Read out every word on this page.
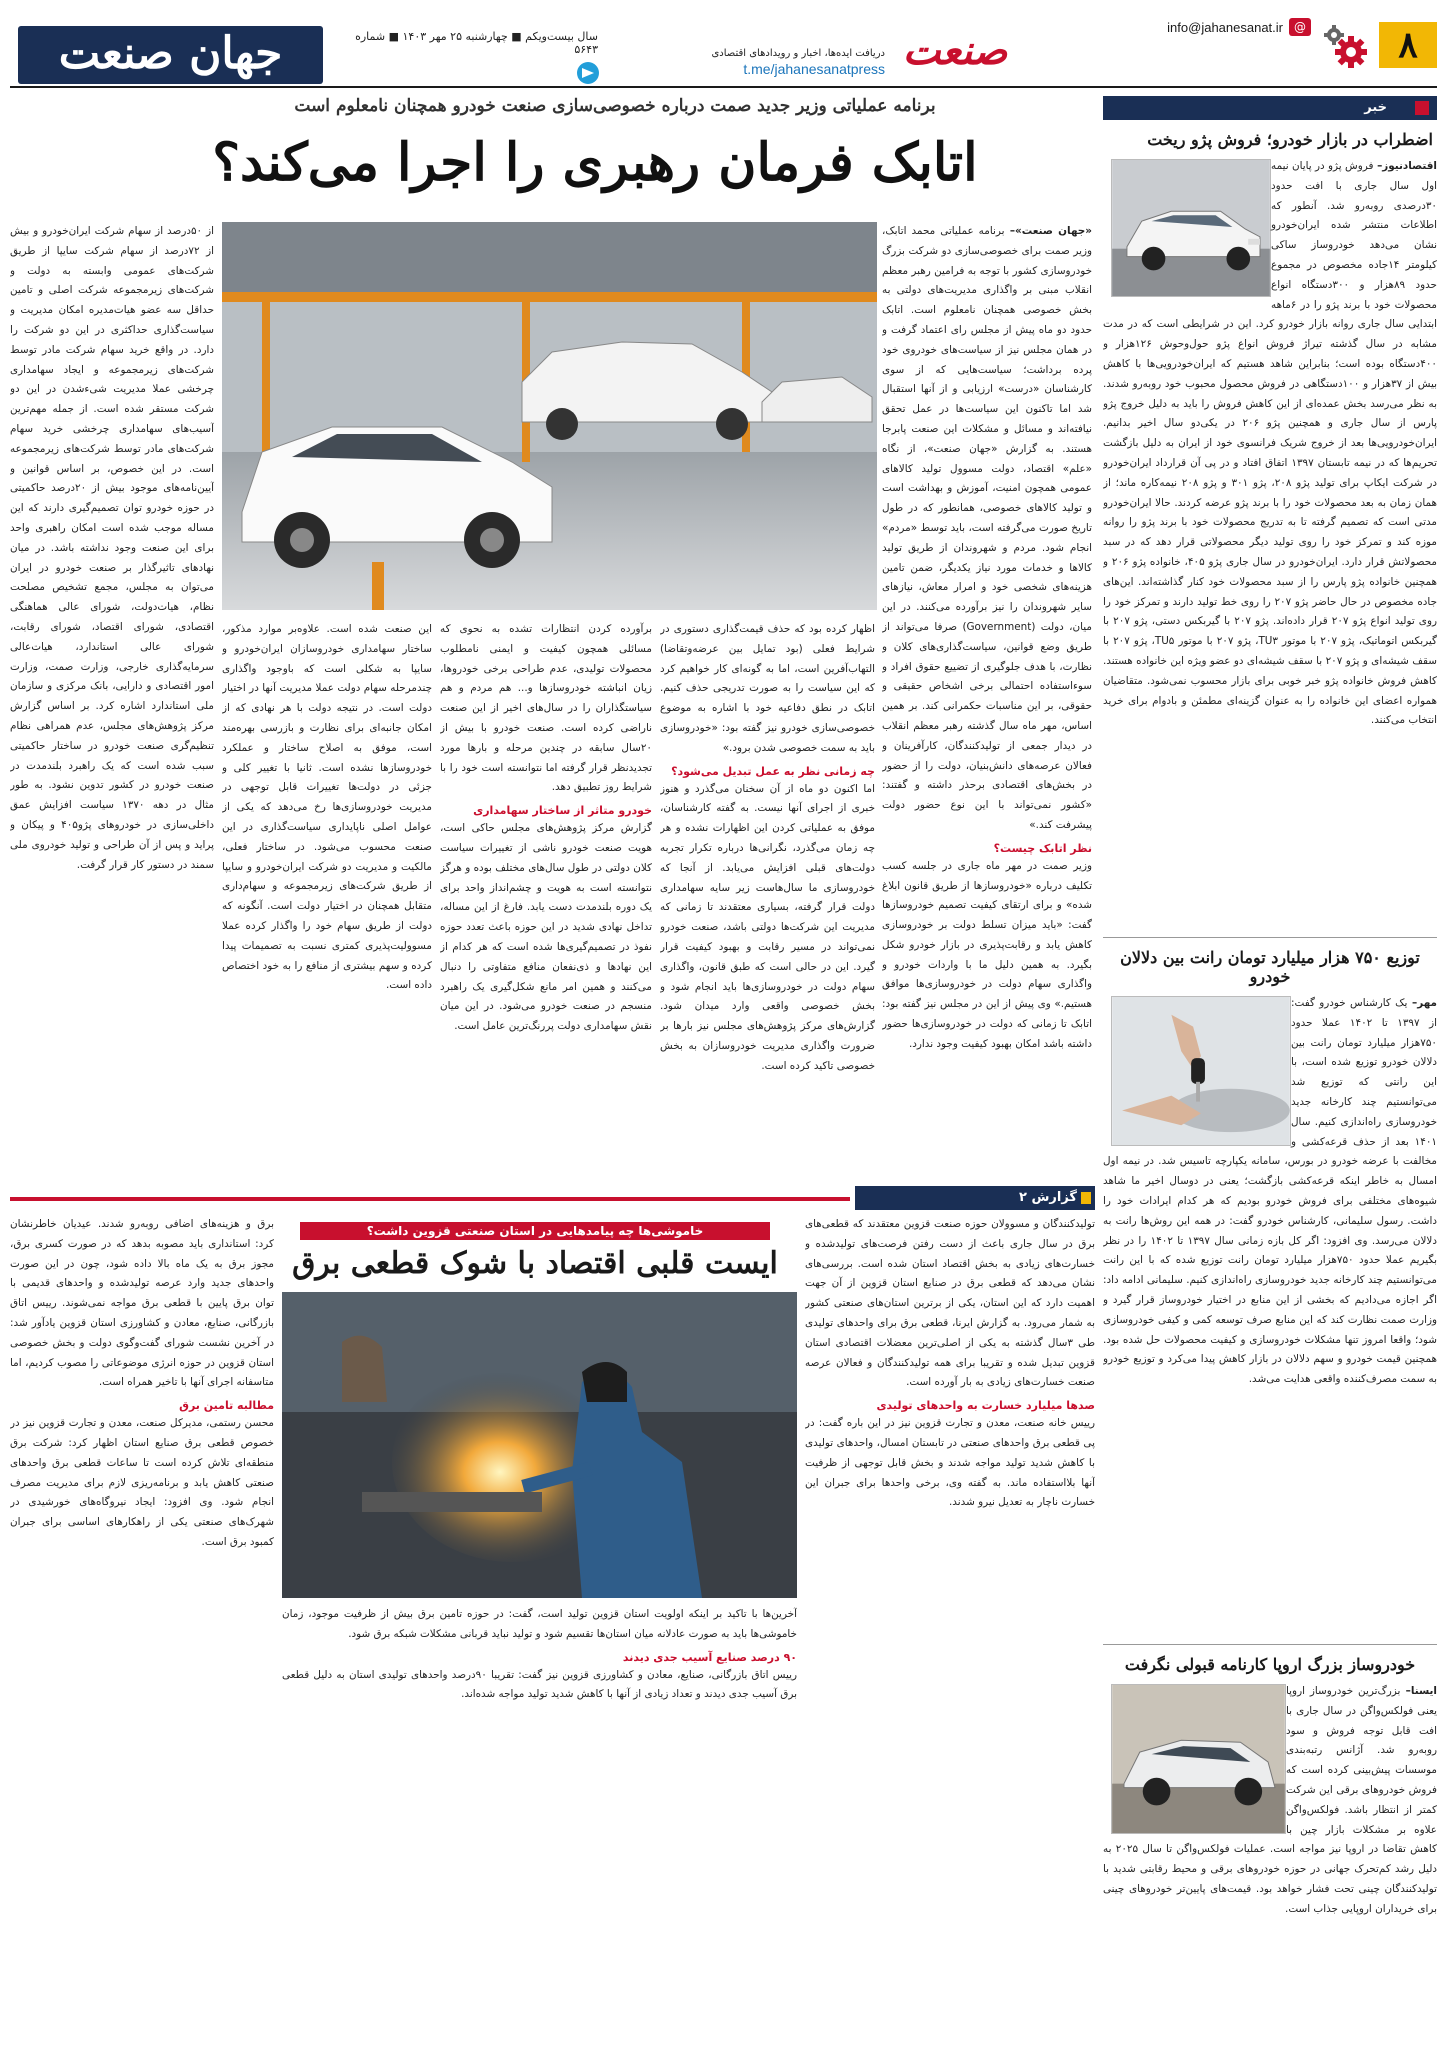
۸
info@jahanesanat.ir
@
صنعت
دریافت ایده‌ها، اخبار و رویدادهای اقتصادی
t.me/jahanesanatpress
سال بیست‌ویکم ■ چهارشنبه ۲۵ مهر ۱۴۰۳ ■ شماره ۵۶۴۳
جهان صنعت
خبر
اضطراب در بازار خودرو؛ فروش پژو ریخت
اقتصادنیوز– فروش پژو در پایان نیمه اول سال جاری با افت حدود ۳۰درصدی روبه‌رو شد. آنطور که اطلاعات منتشر شده ایران‌خودرو نشان می‌دهد خودروساز ساکی کیلومتر ۱۴جاده مخصوص در مجموع حدود ۸۹هزار و ۳۰۰دستگاه انواع محصولات خود با برند پژو را در ۶ماهه ابتدایی سال جاری روانه بازار خودرو کرد. این در شرایطی است که در مدت مشابه در سال گذشته تیراژ فروش انواع پژو حول‌وحوش ۱۲۶هزار و ۴۰۰دستگاه بوده است؛ بنابراین شاهد هستیم که ایران‌خودرویی‌ها با کاهش بیش از ۳۷هزار و ۱۰۰دستگاهی در فروش محصول محبوب خود روبه‌رو شدند. به نظر می‌رسد بخش عمده‌ای از این کاهش فروش را باید به دلیل خروج پژو پارس از سال جاری و همچنین پژو ۲۰۶ در یکی‌دو سال اخیر بدانیم. ایران‌خودرویی‌ها بعد از خروج شریک فرانسوی خود از ایران به دلیل بازگشت تحریم‌ها که در نیمه تابستان ۱۳۹۷ اتفاق افتاد و در پی آن قرارداد ایران‌خودرو در شرکت ایکاپ برای تولید پژو ۲۰۸، پژو ۳۰۱ و پژو ۲۰۸ نیمه‌کاره ماند؛ از همان زمان به بعد محصولات خود را با برند پژو عرضه کردند. حالا ایران‌خودرو مدتی است که تصمیم گرفته تا به تدریج محصولات خود با برند پژو را روانه موزه کند و تمرکز خود را روی تولید دیگر محصولاتی قرار دهد که در سبد محصولاتش قرار دارد. ایران‌خودرو در سال جاری پژو ۴۰۵، خانواده پژو ۲۰۶ و همچنین خانواده پژو پارس را از سبد محصولات خود کنار گذاشته‌اند. این‌های جاده مخصوص در حال حاضر پژو ۲۰۷ را روی خط تولید دارند و تمرکز خود را روی تولید انواع پژو ۲۰۷ قرار داده‌اند. پژو ۲۰۷ با گیربکس دستی، پژو ۲۰۷ با گیربکس اتوماتیک، پژو ۲۰۷ با موتور TU۳، پژو ۲۰۷ با موتور TU۵، پژو ۲۰۷ با سقف شیشه‌ای و پژو ۲۰۷ با سقف شیشه‌ای دو عضو ویژه این خانواده هستند. کاهش فروش خانواده پژو خبر خوبی برای بازار محسوب نمی‌شود. متقاضیان همواره اعضای این خانواده را به عنوان گزینه‌ای مطمئن و بادوام برای خرید انتخاب می‌کنند.
توزیع ۷۵۰ هزار میلیارد تومان رانت بین دلالان خودرو
مهر– یک کارشناس خودرو گفت: از ۱۳۹۷ تا ۱۴۰۲ عملا حدود ۷۵۰هزار میلیارد تومان رانت بین دلالان خودرو توزیع شده است، با این رانتی که توزیع شد می‌توانستیم چند کارخانه جدید خودروسازی راه‌اندازی کنیم. سال ۱۴۰۱ بعد از حذف قرعه‌کشی و مخالفت با عرضه خودرو در بورس، سامانه یکپارچه تاسیس شد. در نیمه اول امسال به خاطر اینکه قرعه‌کشی بازگشت؛ یعنی در دوسال اخیر ما شاهد شیوه‌های مختلفی برای فروش خودرو بودیم که هر کدام ایرادات خود را داشت. رسول سلیمانی، کارشناس خودرو گفت: در همه این روش‌ها رانت به دلالان می‌رسد. وی افزود: اگر کل بازه زمانی سال ۱۳۹۷ تا ۱۴۰۲ را در نظر بگیریم عملا حدود ۷۵۰هزار میلیارد تومان رانت توزیع شده که با این رانت می‌توانستیم چند کارخانه جدید خودروسازی راه‌اندازی کنیم. سلیمانی ادامه داد: اگر اجازه می‌دادیم که بخشی از این منابع در اختیار خودروساز قرار گیرد و وزارت صمت نظارت کند که این منابع صرف توسعه کمی و کیفی خودروسازی شود؛ واقعا امروز تنها مشکلات خودروسازی و کیفیت محصولات حل شده بود. همچنین قیمت خودرو و سهم دلالان در بازار کاهش پیدا می‌کرد و توزیع خودرو به سمت مصرف‌کننده واقعی هدایت می‌شد.
خودروساز بزرگ اروپا کارنامه قبولی نگرفت
ایسنا– بزرگ‌ترین خودروساز اروپا یعنی فولکس‌واگن در سال جاری با افت قابل توجه فروش و سود روبه‌رو شد. آژانس رتبه‌بندی موسسات پیش‌بینی کرده است که فروش خودروهای برقی این شرکت کمتر از انتظار باشد. فولکس‌واگن علاوه بر مشکلات بازار چین با کاهش تقاضا در اروپا نیز مواجه است. عملیات فولکس‌واگن تا سال ۲۰۲۵ به دلیل رشد کم‌تحرک جهانی در حوزه خودروهای برقی و محیط رقابتی شدید با تولیدکنندگان چینی تحت فشار خواهد بود. قیمت‌های پایین‌تر خودروهای چینی برای خریداران اروپایی جذاب است.
برنامه عملیاتی وزیر جدید صمت درباره خصوصی‌سازی صنعت خودرو همچنان نامعلوم است
اتابک فرمان رهبری را اجرا می‌کند؟
«جهان صنعت»– برنامه عملیاتی محمد اتابک، وزیر صمت برای خصوصی‌سازی دو شرکت بزرگ خودروسازی کشور با توجه به فرامین رهبر معظم انقلاب مبنی بر واگذاری مدیریت‌های دولتی به بخش خصوصی همچنان نامعلوم است. اتابک حدود دو ماه پیش از مجلس رای اعتماد گرفت و در همان مجلس نیز از سیاست‌های خودروی خود پرده برداشت؛ سیاست‌هایی که از سوی کارشناسان «درست» ارزیابی و از آنها استقبال شد اما تاکنون این سیاست‌ها در عمل تحقق نیافته‌اند و مسائل و مشکلات این صنعت پابرجا هستند. به گزارش «جهان صنعت»، از نگاه «علم» اقتصاد، دولت مسوول تولید کالاهای عمومی همچون امنیت، آموزش و بهداشت است و تولید کالاهای خصوصی، همانطور که در طول تاریخ صورت می‌گرفته است، باید توسط «مردم» انجام شود. مردم و شهروندان از طریق تولید کالاها و خدمات مورد نیاز یکدیگر، ضمن تامین هزینه‌های شخصی خود و امرار معاش، نیازهای سایر شهروندان را نیز برآورده می‌کنند. در این میان، دولت (Government) صرفا می‌تواند از طریق وضع قوانین، سیاست‌گذاری‌های کلان و نظارت، با هدف جلوگیری از تضییع حقوق افراد و سوءاستفاده احتمالی برخی اشخاص حقیقی و حقوقی، بر این مناسبات حکمرانی کند. بر همین اساس، مهر ماه سال گذشته رهبر معظم انقلاب در دیدار جمعی از تولیدکنندگان، کارآفرینان و فعالان عرصه‌های دانش‌بنیان، دولت را از حضور در بخش‌های اقتصادی برحذر داشته و گفتند: «کشور نمی‌تواند با این نوع حضور دولت پیشرفت کند.»
نظر اتابک چیست؟
وزیر صمت در مهر ماه جاری در جلسه کسب تکلیف درباره «خودروسازها از طریق قانون ابلاغ شده» و برای ارتقای کیفیت تصمیم خودروسازها گفت: «باید میزان تسلط دولت بر خودروسازی کاهش یابد و رقابت‌پذیری در بازار خودرو شکل بگیرد. به همین دلیل ما با واردات خودرو و واگذاری سهام دولت در خودروسازی‌ها موافق هستیم.» وی پیش از این در مجلس نیز گفته بود: اتابک تا زمانی که دولت در خودروسازی‌ها حضور داشته باشد امکان بهبود کیفیت وجود ندارد.
اظهار کرده بود که حذف قیمت‌گذاری دستوری در شرایط فعلی (بود تمایل بین عرضه‌وتقاضا) التهاب‌آفرین است، اما به گونه‌ای کار خواهیم کرد که این سیاست را به صورت تدریجی حذف کنیم. اتابک در نطق دفاعیه خود با اشاره به موضوع خصوصی‌سازی خودرو نیز گفته بود: «خودروسازی باید به سمت خصوصی شدن برود.»
چه زمانی نظر به عمل تبدیل می‌شود؟
اما اکنون دو ماه از آن سخنان می‌گذرد و هنوز خبری از اجرای آنها نیست. به گفته کارشناسان، موفق به عملیاتی کردن این اظهارات نشده و هر چه زمان می‌گذرد، نگرانی‌ها درباره تکرار تجربه دولت‌های قبلی افزایش می‌یابد. از آنجا که خودروسازی ما سال‌هاست زیر سایه سهامداری دولت قرار گرفته، بسیاری معتقدند تا زمانی که مدیریت این شرکت‌ها دولتی باشد، صنعت خودرو نمی‌تواند در مسیر رقابت و بهبود کیفیت قرار گیرد. این در حالی است که طبق قانون، واگذاری سهام دولت در خودروسازی‌ها باید انجام شود و بخش خصوصی واقعی وارد میدان شود. گزارش‌های مرکز پژوهش‌های مجلس نیز بارها بر ضرورت واگذاری مدیریت خودروسازان به بخش خصوصی تاکید کرده است.
برآورده کردن انتظارات تشده به نحوی که مسائلی همچون کیفیت و ایمنی نامطلوب محصولات تولیدی، عدم طراحی برخی خودروها، زیان انباشته خودروسازها و... هم مردم و هم سیاستگذاران را در سال‌های اخیر از این صنعت ناراضی کرده است. صنعت خودرو با بیش از ۲۰سال سابقه در چندین مرحله و بارها مورد تجدیدنظر قرار گرفته اما نتوانسته است خود را با شرایط روز تطبیق دهد.
خودرو متاثر از ساختار سهامداری
گزارش مرکز پژوهش‌های مجلس حاکی است، هویت صنعت خودرو ناشی از تغییرات سیاست کلان دولتی در طول سال‌های مختلف بوده و هرگز نتوانسته است به هویت و چشم‌انداز واحد برای یک دوره بلندمدت دست یابد. فارغ از این مساله، تداخل نهادی شدید در این حوزه باعث تعدد حوزه نفوذ در تصمیم‌گیری‌ها شده است که هر کدام از این نهادها و ذی‌نفعان منافع متفاوتی را دنبال می‌کنند و همین امر مانع شکل‌گیری یک راهبرد منسجم در صنعت خودرو می‌شود. در این میان نقش سهامداری دولت پررنگ‌ترین عامل است.
این صنعت شده است. علاوه‌بر موارد مذکور، ساختار سهامداری خودروسازان ایران‌خودرو و سایپا به شکلی است که باوجود واگذاری چندمرحله سهام دولت عملا مدیریت آنها در اختیار دولت است. در نتیجه دولت با هر نهادی که از امکان جانبه‌ای برای نظارت و بازرسی بهره‌مند است، موفق به اصلاح ساختار و عملکرد خودروسازها نشده است. ثانیا با تغییر کلی و جزئی در دولت‌ها تغییرات قابل توجهی در مدیریت خودروسازی‌ها رخ می‌دهد که یکی از عوامل اصلی ناپایداری سیاست‌گذاری در این صنعت محسوب می‌شود. در ساختار فعلی، مالکیت و مدیریت دو شرکت ایران‌خودرو و سایپا از طریق شرکت‌های زیرمجموعه و سهام‌داری متقابل همچنان در اختیار دولت است. آنگونه که دولت از طریق سهام خود را واگذار کرده عملا مسوولیت‌پذیری کمتری نسبت به تصمیمات پیدا کرده و سهم بیشتری از منافع را به خود اختصاص داده است.
از ۵۰درصد از سهام شرکت ایران‌خودرو و بیش از ۷۲درصد از سهام شرکت سایپا از طریق شرکت‌های عمومی وابسته به دولت و شرکت‌های زیرمجموعه شرکت اصلی و تامین حداقل سه عضو هیات‌مدیره امکان مدیریت و سیاست‌گذاری حداکثری در این دو شرکت را دارد. در واقع خرید سهام شرکت مادر توسط شرکت‌های زیرمجموعه و ایجاد سهامداری چرخشی عملا مدیریت شیءشدن در این دو شرکت مستقر شده است. از جمله مهم‌ترین آسیب‌های سهامداری چرخشی خرید سهام شرکت‌های مادر توسط شرکت‌های زیرمجموعه است. در این خصوص، بر اساس قوانین و آیین‌نامه‌های موجود بیش از ۲۰درصد حاکمیتی در حوزه خودرو توان تصمیم‌گیری دارند که این مساله موجب شده است امکان راهبری واحد برای این صنعت وجود نداشته باشد. در میان نهادهای تاثیرگذار بر صنعت خودرو در ایران می‌توان به مجلس، مجمع تشخیص مصلحت نظام، هیات‌دولت، شورای عالی هماهنگی اقتصادی، شورای اقتصاد، شورای رقابت، شورای عالی استاندارد، هیات‌عالی سرمایه‌گذاری خارجی، وزارت صمت، وزارت امور اقتصادی و دارایی، بانک مرکزی و سازمان ملی استاندارد اشاره کرد. بر اساس گزارش مرکز پژوهش‌های مجلس، عدم همراهی نظام تنظیم‌گری صنعت خودرو در ساختار حاکمیتی سبب شده است که یک راهبرد بلندمدت در صنعت خودرو در کشور تدوین نشود. به طور مثال در دهه ۱۳۷۰ سیاست افزایش عمق داخلی‌سازی در خودروهای پژو۴۰۵ و پیکان و پراید و پس از آن طراحی و تولید خودروی ملی سمند در دستور کار قرار گرفت.
گزارش ۲
خاموشی‌ها چه پیامدهایی در استان صنعتی قزوین داشت؟
ایست قلبی اقتصاد با شوک قطعی برق
تولیدکنندگان و مسوولان حوزه صنعت قزوین معتقدند که قطعی‌های برق در سال جاری باعث از دست رفتن فرصت‌های تولیدشده و خسارت‌های زیادی به بخش اقتصاد استان شده است. بررسی‌های نشان می‌دهد که قطعی برق در صنایع استان قزوین از آن جهت اهمیت دارد که این استان، یکی از برترین استان‌های صنعتی کشور به شمار می‌رود. به گزارش ایرنا، قطعی برق برای واحدهای تولیدی طی ۳سال گذشته به یکی از اصلی‌ترین معضلات اقتصادی استان قزوین تبدیل شده و تقریبا برای همه تولیدکنندگان و فعالان عرصه صنعت خسارت‌های زیادی به بار آورده است.
صدها میلیارد خسارت به واحدهای تولیدی
رییس خانه صنعت، معدن و تجارت قزوین نیز در این باره گفت: در پی قطعی برق واحدهای صنعتی در تابستان امسال، واحدهای تولیدی با کاهش شدید تولید مواجه شدند و بخش قابل توجهی از ظرفیت آنها بلااستفاده ماند. به گفته وی، برخی واحدها برای جبران این خسارت ناچار به تعدیل نیرو شدند.
آخرین‌ها با تاکید بر اینکه اولویت استان قزوین تولید است، گفت: در حوزه تامین برق بیش از ظرفیت موجود، زمان خاموشی‌ها باید به صورت عادلانه میان استان‌ها تقسیم شود و تولید نباید قربانی مشکلات شبکه برق شود.
۹۰ درصد صنایع آسیب جدی دیدند
رییس اتاق بازرگانی، صنایع، معادن و کشاورزی قزوین نیز گفت: تقریبا ۹۰درصد واحدهای تولیدی استان به دلیل قطعی برق آسیب جدی دیدند و تعداد زیادی از آنها با کاهش شدید تولید مواجه شده‌اند.
برق و هزینه‌های اضافی روبه‌رو شدند. عیدیان خاطرنشان کرد: استانداری باید مصوبه بدهد که در صورت کسری برق، مجوز برق به یک ماه بالا داده شود، چون در این صورت واحدهای جدید وارد عرصه تولیدشده و واحدهای قدیمی با توان برق پایین با قطعی برق مواجه نمی‌شوند. رییس اتاق بازرگانی، صنایع، معادن و کشاورزی استان قزوین یادآور شد: در آخرین نشست شورای گفت‌وگوی دولت و بخش خصوصی استان قزوین در حوزه انرژی موضوعاتی را مصوب کردیم، اما متاسفانه اجرای آنها با تاخیر همراه است.
مطالبه تامین برق
محسن رستمی، مدیرکل صنعت، معدن و تجارت قزوین نیز در خصوص قطعی برق صنایع استان اظهار کرد: شرکت برق منطقه‌ای تلاش کرده است تا ساعات قطعی برق واحدهای صنعتی کاهش یابد و برنامه‌ریزی لازم برای مدیریت مصرف انجام شود. وی افزود: ایجاد نیروگاه‌های خورشیدی در شهرک‌های صنعتی یکی از راهکارهای اساسی برای جبران کمبود برق است.
